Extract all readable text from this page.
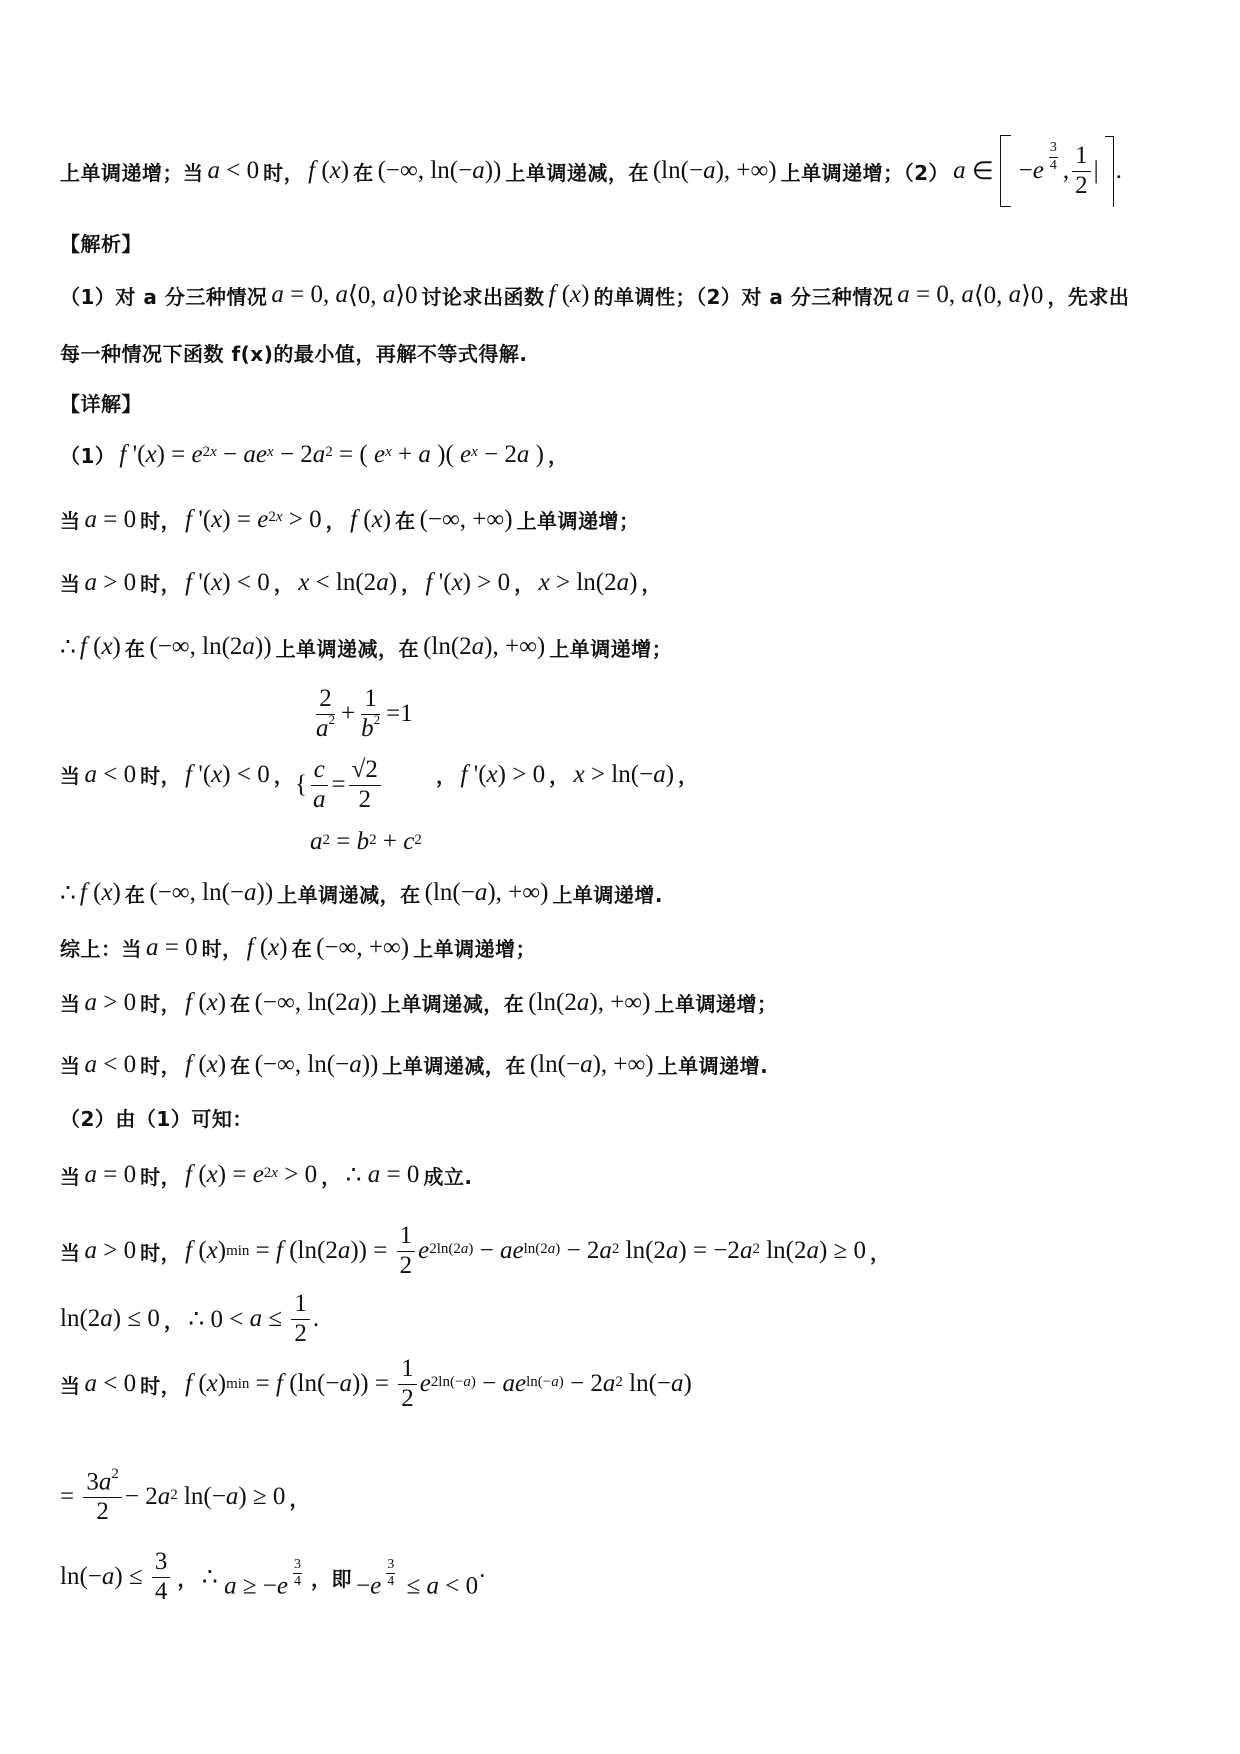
上单调递增；当 a < 0 时， f ( x ) 在 (−∞, ln(− a )) 上单调递减，在 (ln(− a ), +∞) 上单调递增；（2） a ∈
− e $\frac{3}{4}$ , $\frac{1}{2}$ | .
【解析】
（1）对 a 分三种情况 a = 0, a ⟨0, a ⟩0 讨论求出函数 f ( x ) 的单调性；（2）对 a 分三种情况 a = 0, a ⟨0, a ⟩0 ，先求出
每一种情况下函数 f(x)的最小值，再解不等式得解.
【详解】
（1） f '( x ) = e 2x − ae x − 2 a 2 = ( e x + a )( e x − 2 a ) ，
当 a = 0 时， f '( x ) = e 2x > 0 ， f ( x ) 在 (−∞, +∞) 上单调递增；
当 a > 0 时， f '( x ) < 0 ， x < ln(2 a ) ， f '( x ) > 0 ， x > ln(2 a ) ，
∴ f ( x ) 在 (−∞, ln(2 a )) 上单调递减，在 (ln(2 a ), +∞) 上单调递增；
当 a < 0 时， f '( x ) < 0 ，	， f '( x ) > 0 ， x > ln(− a ) ，
$\frac{2}{a^2} + \frac{1}{b^2} =1$
{ $\frac{c}{a} = \frac{√2}{2}$
a 2 = b 2 + c 2
∴ f ( x ) 在 (−∞, ln(− a )) 上单调递减，在 (ln(− a ), +∞) 上单调递增.
综上：当 a = 0 时， f ( x ) 在 (−∞, +∞) 上单调递增；
当 a > 0 时， f ( x ) 在 (−∞, ln(2 a )) 上单调递减，在 (ln(2 a ), +∞) 上单调递增；
当 a < 0 时， f ( x ) 在 (−∞, ln(− a )) 上单调递减，在 (ln(− a ), +∞) 上单调递增.
（2）由（1）可知：
当 a = 0 时， f ( x ) = e 2x > 0 ， ∴ a = 0 成立.
当 a > 0 时， f ( x ) min = f (ln(2 a )) = $\frac{1}{2}$ e 2ln(2a) − ae ln(2a) − 2 a 2 ln(2 a ) = −2 a 2 ln(2 a ) ≥ 0 ，
ln(2 a ) ≤ 0 ， ∴ $0 < a \le \frac{1}{2}$ .
当 a < 0 时， f ( x ) min = f (ln(− a )) = $\frac{1}{2}$ e 2ln(−a) − ae ln(−a) − 2 a 2 ln(− a )
= $\frac{3a^2}{2} - 2$ a 2 ln(− a ) ≥ 0 ，
ln(− a ) ≤ $\frac{3}{4}$ ， ∴ $a \ge -e \frac{3}{4}$ ， 即 $-e \frac{3}{4} \le a < 0$ ·
